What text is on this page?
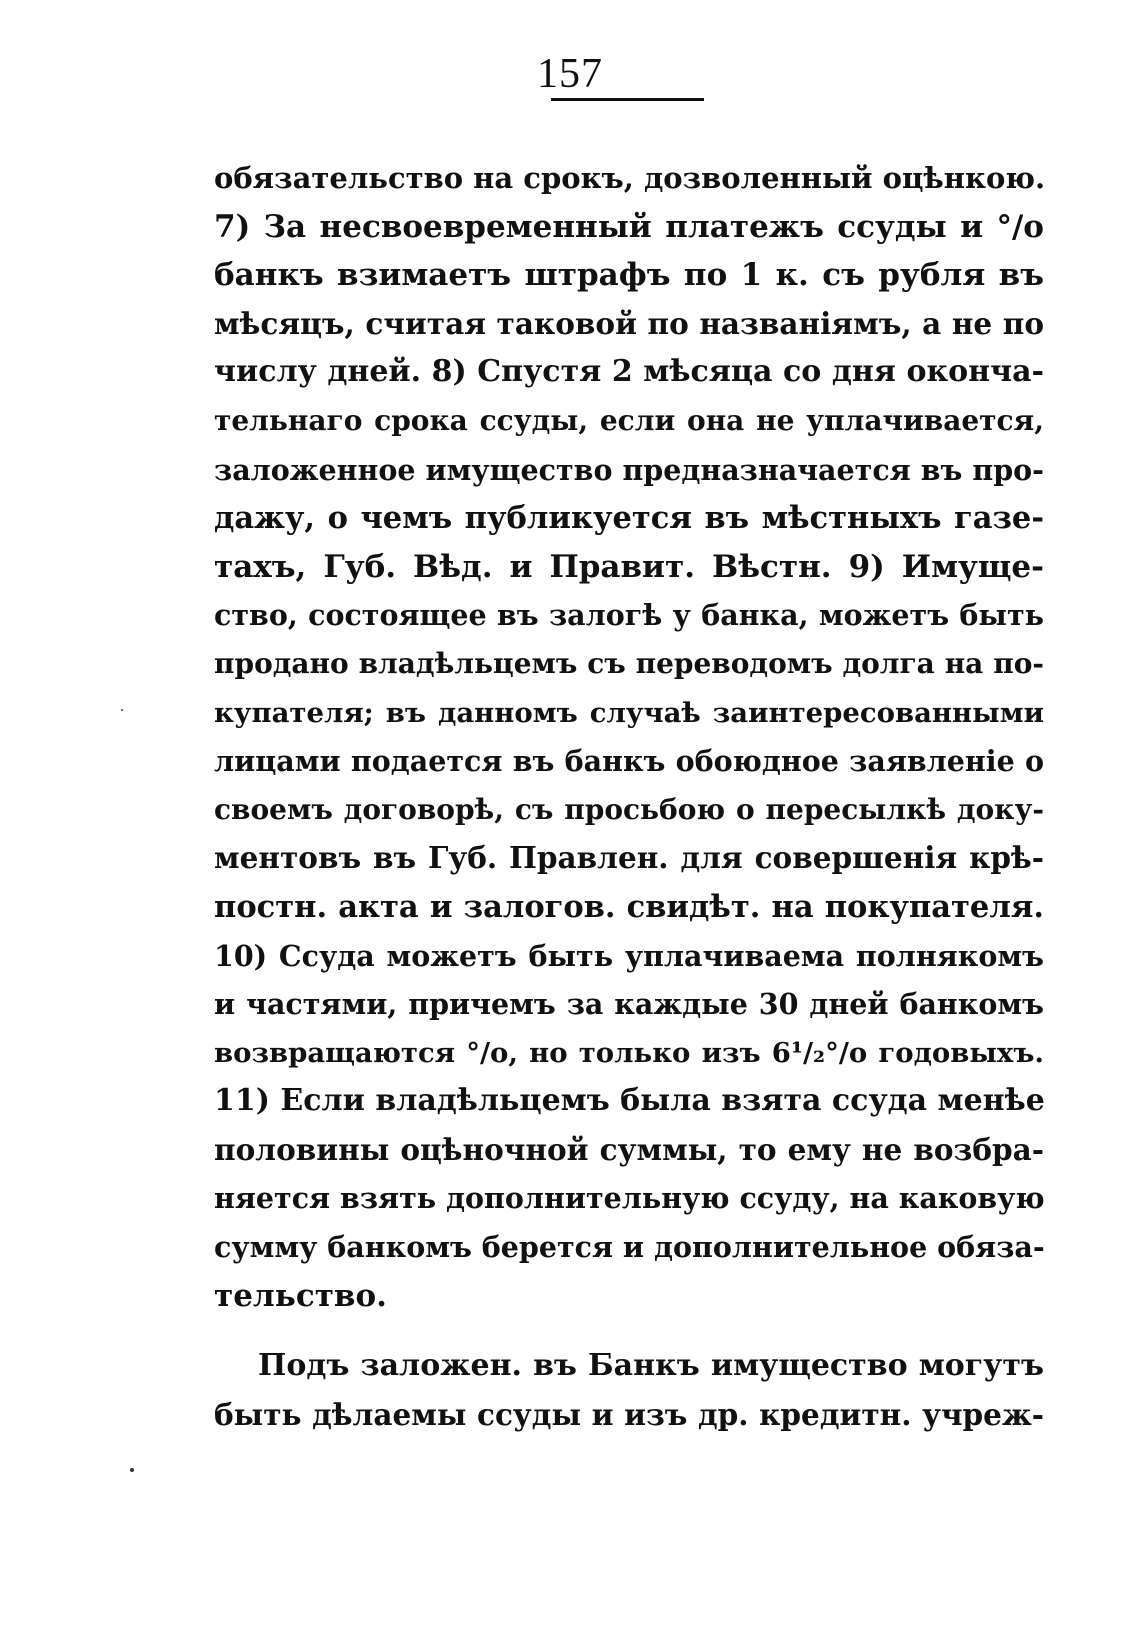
157
обязательство на срокъ, дозволенный оцѣнкою.
7) За несвоевременный платежъ ссуды и °/o
банкъ взимаетъ штрафъ по 1 к. съ рубля въ
мѣсяцъ, считая таковой по названіямъ, а не по
числу дней. 8) Спустя 2 мѣсяца со дня оконча-
тельнаго срока ссуды, если она не уплачивается,
заложенное имущество предназначается въ про-
дажу, о чемъ публикуется въ мѣстныхъ газе-
тахъ, Губ. Вѣд. и Правит. Вѣстн. 9) Имуще-
ство, состоящее въ залогѣ у банка, можетъ быть
продано владѣльцемъ съ переводомъ долга на по-
купателя; въ данномъ случаѣ заинтересованными
лицами подается въ банкъ обоюдное заявленіе о
своемъ договорѣ, съ просьбою о пересылкѣ доку-
ментовъ въ Губ. Правлен. для совершенія крѣ-
постн. акта и залогов. свидѣт. на покупателя.
10) Ссуда можетъ быть уплачиваема полнякомъ
и частями, причемъ за каждые 30 дней банкомъ
возвращаются °/o, но только изъ 6¹/₂°/o годовыхъ.
11) Если владѣльцемъ была взята ссуда менѣе
половины оцѣночной суммы, то ему не возбра-
няется взять дополнительную ссуду, на каковую
сумму банкомъ берется и дополнительное обяза-
тельство.
Подъ заложен. въ Банкъ имущество могутъ
быть дѣлаемы ссуды и изъ др. кредитн. учреж-
